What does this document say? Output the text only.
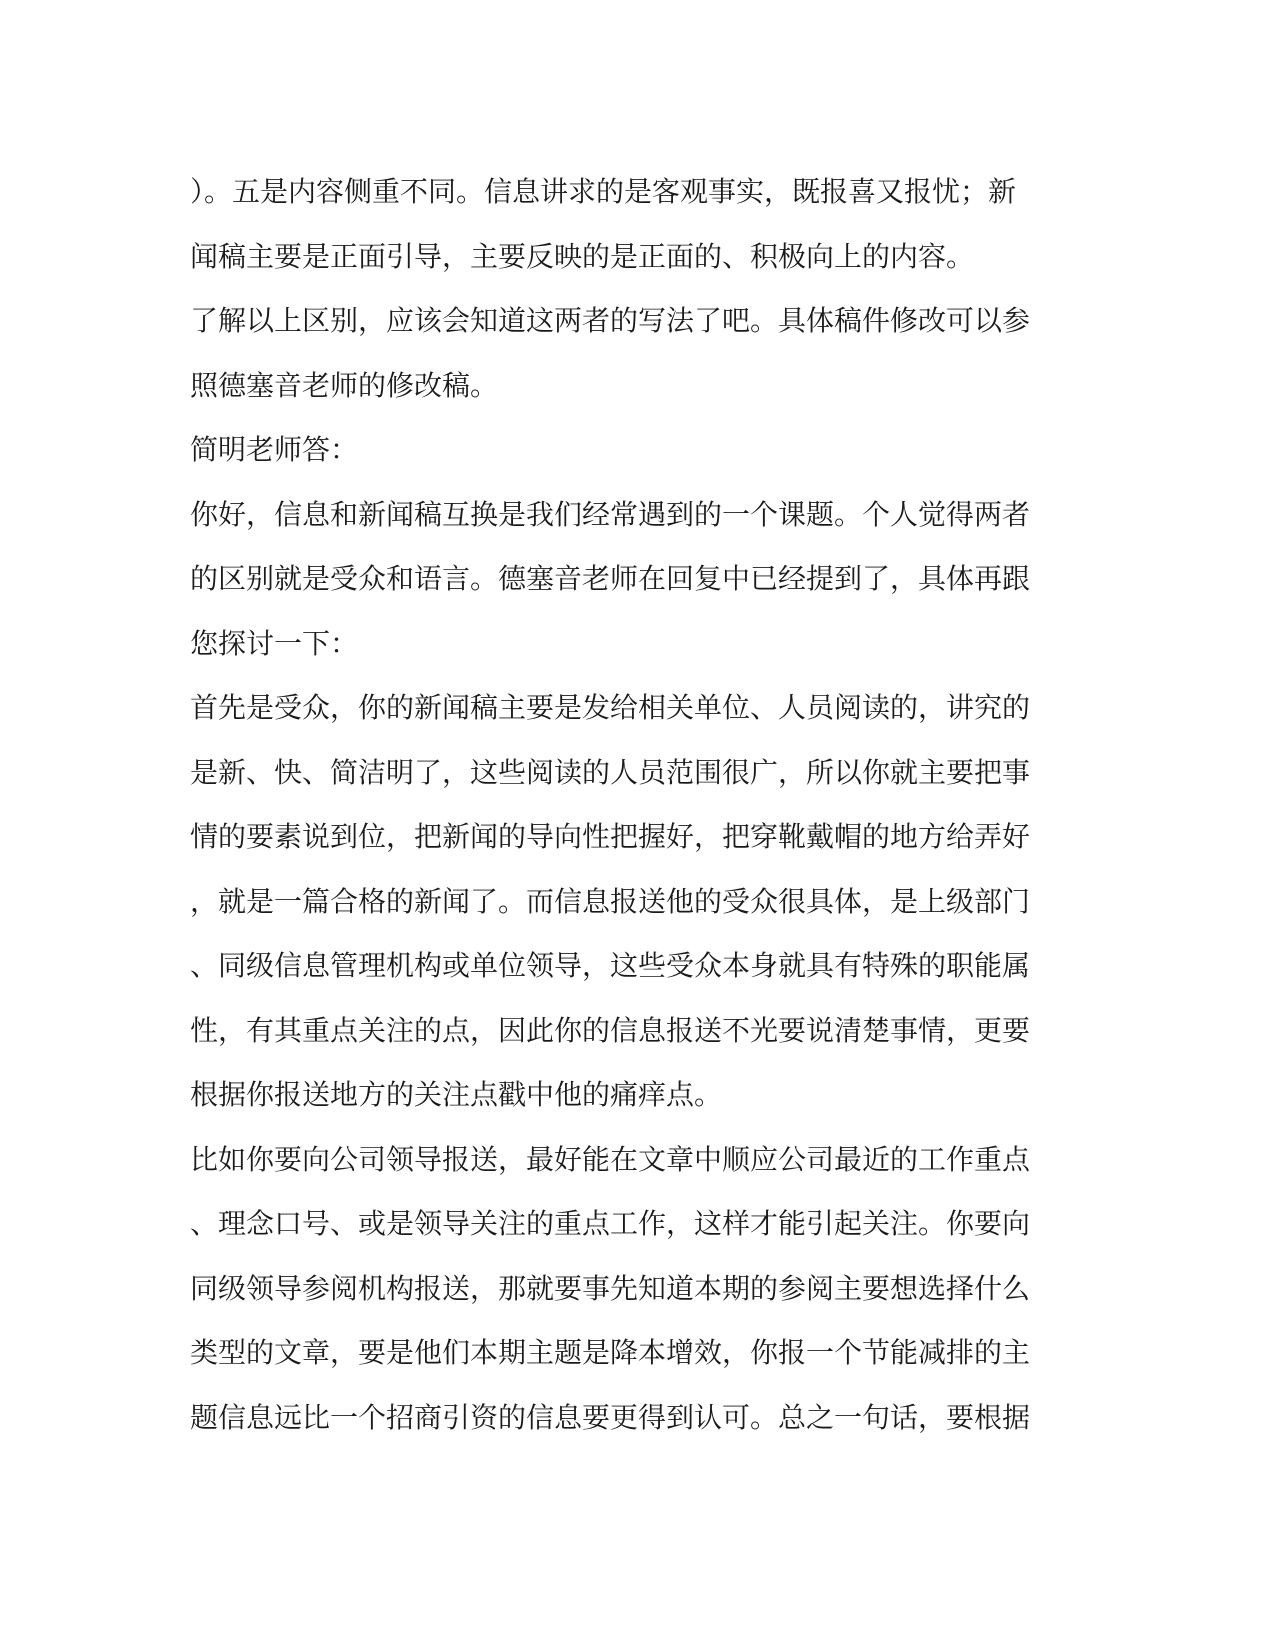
）。五是内容侧重不同。信息讲求的是客观事实，既报喜又报忧；新
闻稿主要是正面引导，主要反映的是正面的、积极向上的内容。
了解以上区别，应该会知道这两者的写法了吧。具体稿件修改可以参
照德塞音老师的修改稿。
简明老师答：
你好，信息和新闻稿互换是我们经常遇到的一个课题。个人觉得两者
的区别就是受众和语言。德塞音老师在回复中已经提到了，具体再跟
您探讨一下：
首先是受众，你的新闻稿主要是发给相关单位、人员阅读的，讲究的
是新、快、简洁明了，这些阅读的人员范围很广，所以你就主要把事
情的要素说到位，把新闻的导向性把握好，把穿靴戴帽的地方给弄好
，就是一篇合格的新闻了。而信息报送他的受众很具体，是上级部门
、同级信息管理机构或单位领导，这些受众本身就具有特殊的职能属
性，有其重点关注的点，因此你的信息报送不光要说清楚事情，更要
根据你报送地方的关注点戳中他的痛痒点。
比如你要向公司领导报送，最好能在文章中顺应公司最近的工作重点
、理念口号、或是领导关注的重点工作，这样才能引起关注。你要向
同级领导参阅机构报送，那就要事先知道本期的参阅主要想选择什么
类型的文章，要是他们本期主题是降本增效，你报一个节能减排的主
题信息远比一个招商引资的信息要更得到认可。总之一句话，要根据
